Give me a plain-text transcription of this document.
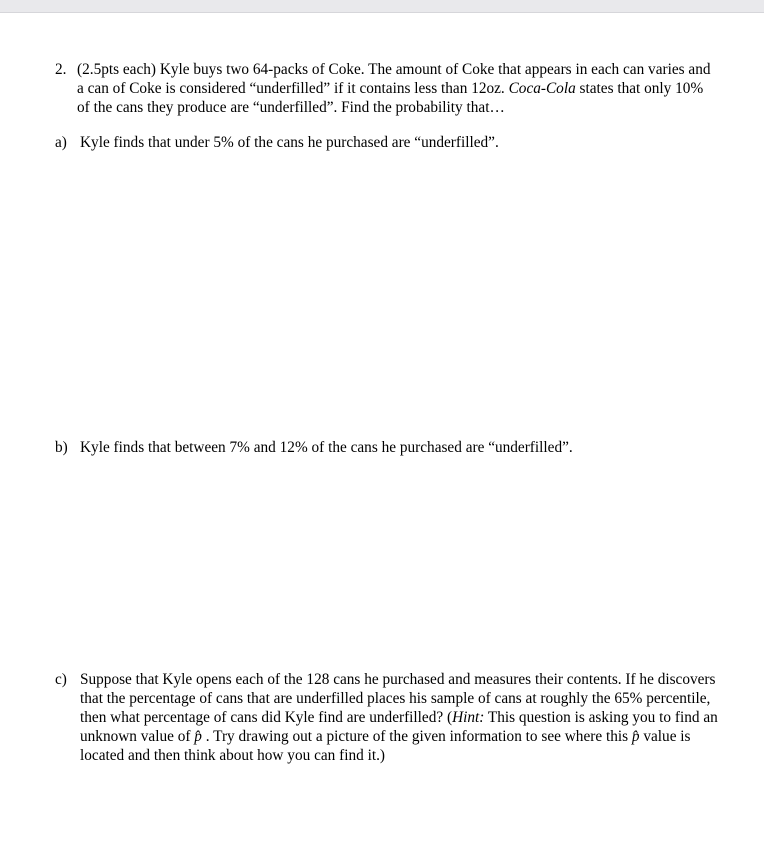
2. (2.5pts each) Kyle buys two 64-packs of Coke. The amount of Coke that appears in each can varies and
a can of Coke is considered “underfilled” if it contains less than 12oz. Coca-Cola states that only 10%
of the cans they produce are “underfilled”. Find the probability that…
a) Kyle finds that under 5% of the cans he purchased are “underfilled”.
b) Kyle finds that between 7% and 12% of the cans he purchased are “underfilled”.
c) Suppose that Kyle opens each of the 128 cans he purchased and measures their contents. If he discovers
that the percentage of cans that are underfilled places his sample of cans at roughly the 65% percentile,
then what percentage of cans did Kyle find are underfilled? (Hint: This question is asking you to find an
unknown value of p̂ . Try drawing out a picture of the given information to see where this p̂ value is
located and then think about how you can find it.)
